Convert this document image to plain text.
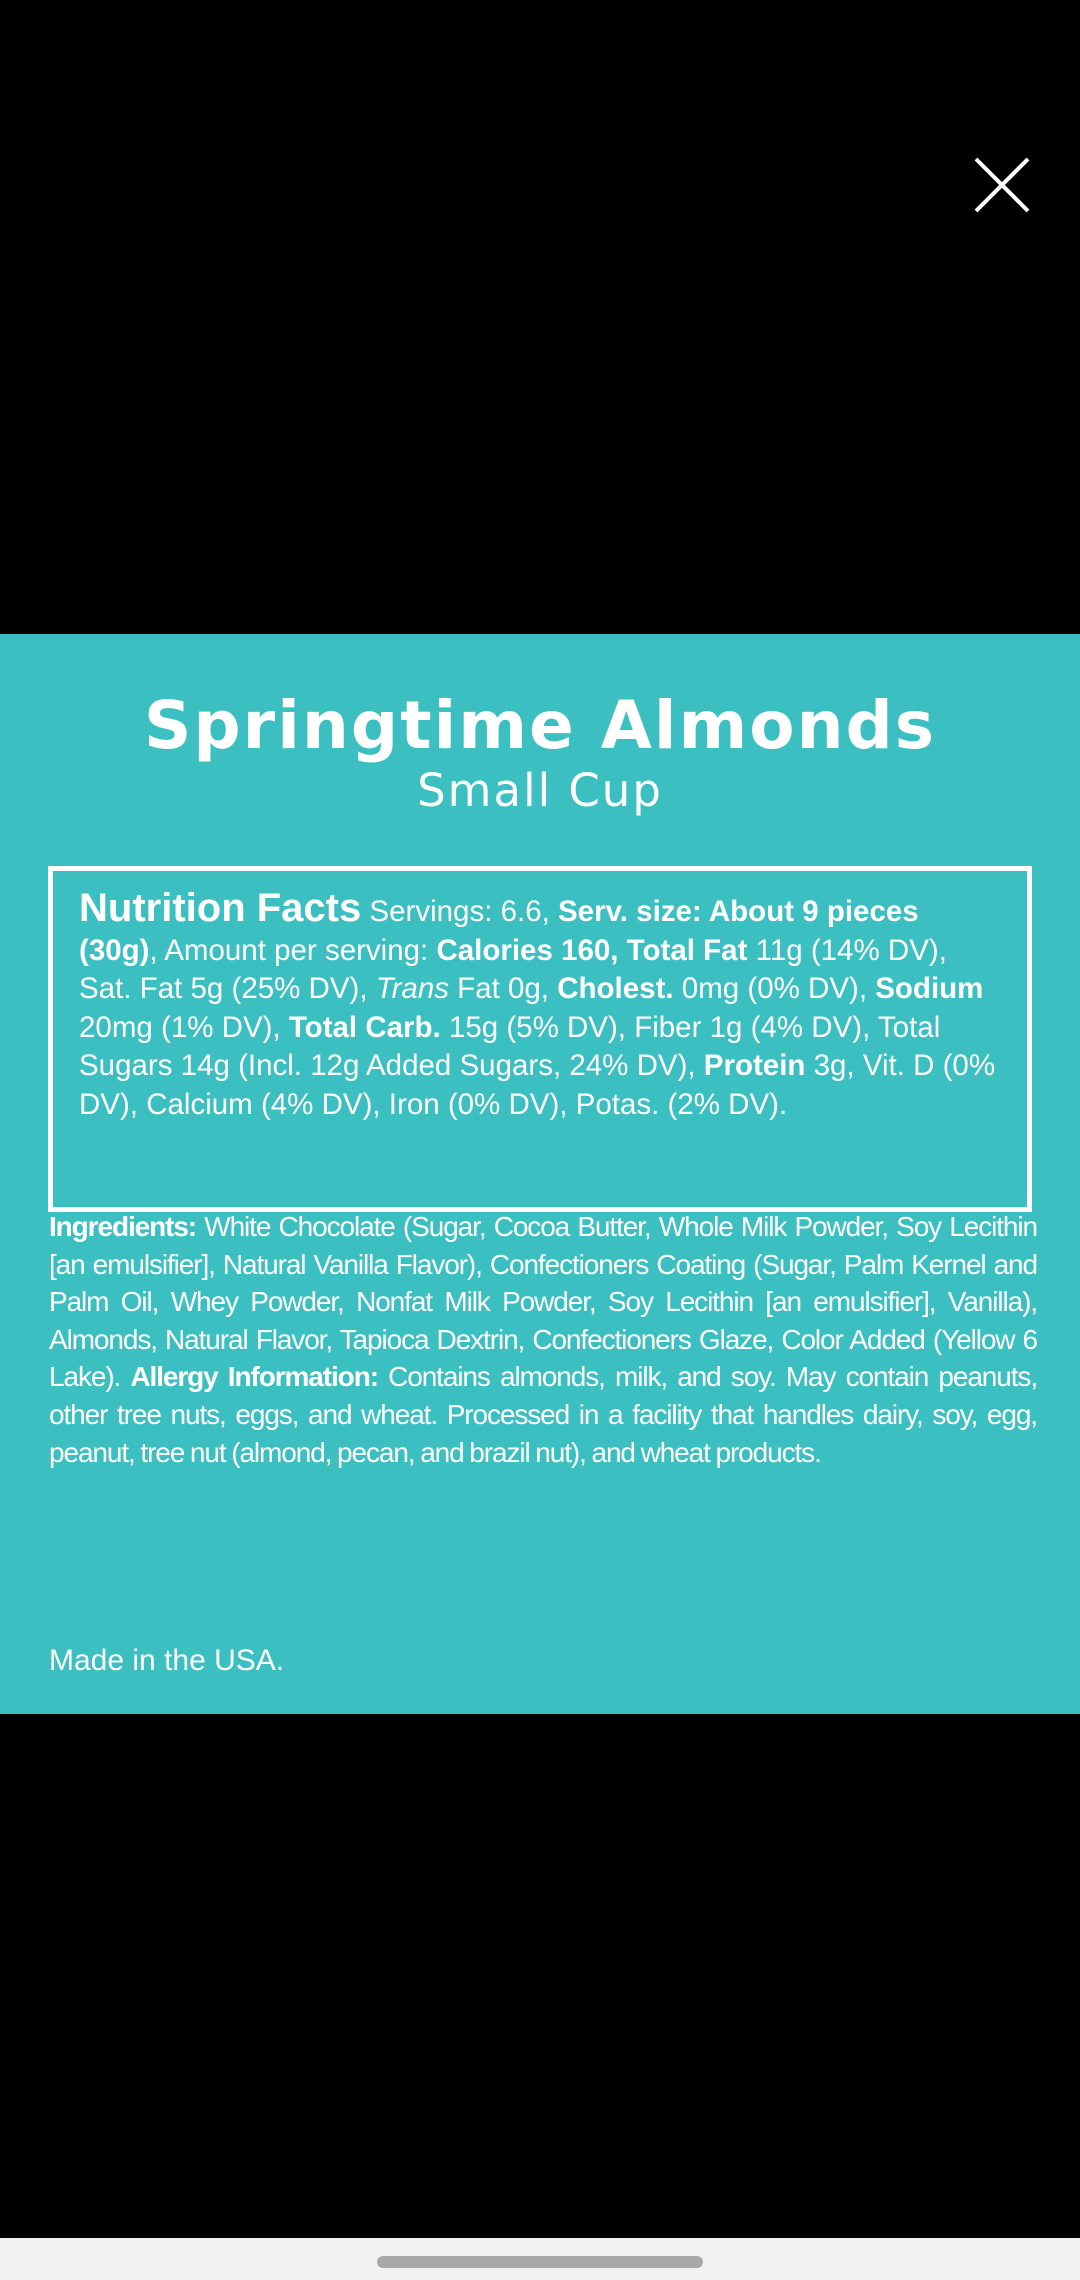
Springtime Almonds
Small Cup
Nutrition Facts Servings: 6.6, Serv. size: About 9 pieces (30g), Amount per serving: Calories 160, Total Fat 11g (14% DV), Sat. Fat 5g (25% DV), Trans Fat 0g, Cholest. 0mg (0% DV), Sodium 20mg (1% DV), Total Carb. 15g (5% DV), Fiber 1g (4% DV), Total Sugars 14g (Incl. 12g Added Sugars, 24% DV), Protein 3g, Vit. D (0% DV), Calcium (4% DV), Iron (0% DV), Potas. (2% DV).
Ingredients: White Chocolate (Sugar, Cocoa Butter, Whole Milk Powder, Soy Lecithin [an emulsifier], Natural Vanilla Flavor), Confectioners Coating (Sugar, Palm Kernel and Palm Oil, Whey Powder, Nonfat Milk Powder, Soy Lecithin [an emulsifier], Vanilla), Almonds, Natural Flavor, Tapioca Dextrin, Confectioners Glaze, Color Added (Yellow 6 Lake). Allergy Information: Contains almonds, milk, and soy. May contain peanuts, other tree nuts, eggs, and wheat. Processed in a facility that handles dairy, soy, egg, peanut, tree nut (almond, pecan, and brazil nut), and wheat products.
Made in the USA.
